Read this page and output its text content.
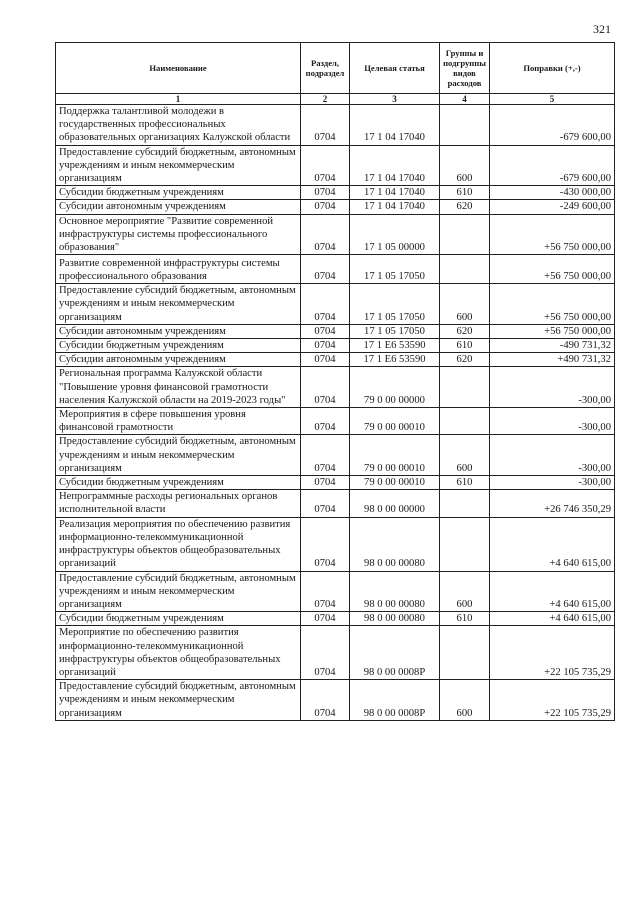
321
Наименование	Раздел, подраздел	Целевая статья	Группы и подгруппы видов расходов	Поправки (+,-)
1	2	3	4	5
Поддержка талантливой молодежи в государственных профессиональных образовательных организациях Калужской области	0704	17 1 04 17040		-679 600,00
Предоставление субсидий бюджетным, автономным учреждениям и иным некоммерческим организациям	0704	17 1 04 17040	600	-679 600,00
Субсидии бюджетным учреждениям	0704	17 1 04 17040	610	-430 000,00
Субсидии автономным учреждениям	0704	17 1 04 17040	620	-249 600,00
Основное мероприятие "Развитие современной инфраструктуры системы профессионального образования"	0704	17 1 05 00000		+56 750 000,00
Развитие современной инфраструктуры системы профессионального образования	0704	17 1 05 17050		+56 750 000,00
Предоставление субсидий бюджетным, автономным учреждениям и иным некоммерческим организациям	0704	17 1 05 17050	600	+56 750 000,00
Субсидии автономным учреждениям	0704	17 1 05 17050	620	+56 750 000,00
Субсидии бюджетным учреждениям	0704	17 1 E6 53590	610	-490 731,32
Субсидии автономным учреждениям	0704	17 1 E6 53590	620	+490 731,32
Региональная программа Калужской области "Повышение уровня финансовой грамотности населения Калужской области на 2019-2023 годы"	0704	79 0 00 00000		-300,00
Мероприятия в сфере повышения уровня финансовой грамотности	0704	79 0 00 00010		-300,00
Предоставление субсидий бюджетным, автономным учреждениям и иным некоммерческим организациям	0704	79 0 00 00010	600	-300,00
Субсидии бюджетным учреждениям	0704	79 0 00 00010	610	-300,00
Непрограммные расходы региональных органов исполнительной власти	0704	98 0 00 00000		+26 746 350,29
Реализация мероприятия по обеспечению развития информационно-телекоммуникационной инфраструктуры объектов общеобразовательных организаций	0704	98 0 00 00080		+4 640 615,00
Предоставление субсидий бюджетным, автономным учреждениям и иным некоммерческим организациям	0704	98 0 00 00080	600	+4 640 615,00
Субсидии бюджетным учреждениям	0704	98 0 00 00080	610	+4 640 615,00
Мероприятие по обеспечению развития информационно-телекоммуникационной инфраструктуры объектов общеобразовательных организаций	0704	98 0 00 0008Р		+22 105 735,29
Предоставление субсидий бюджетным, автономным учреждениям и иным некоммерческим организациям	0704	98 0 00 0008Р	600	+22 105 735,29
